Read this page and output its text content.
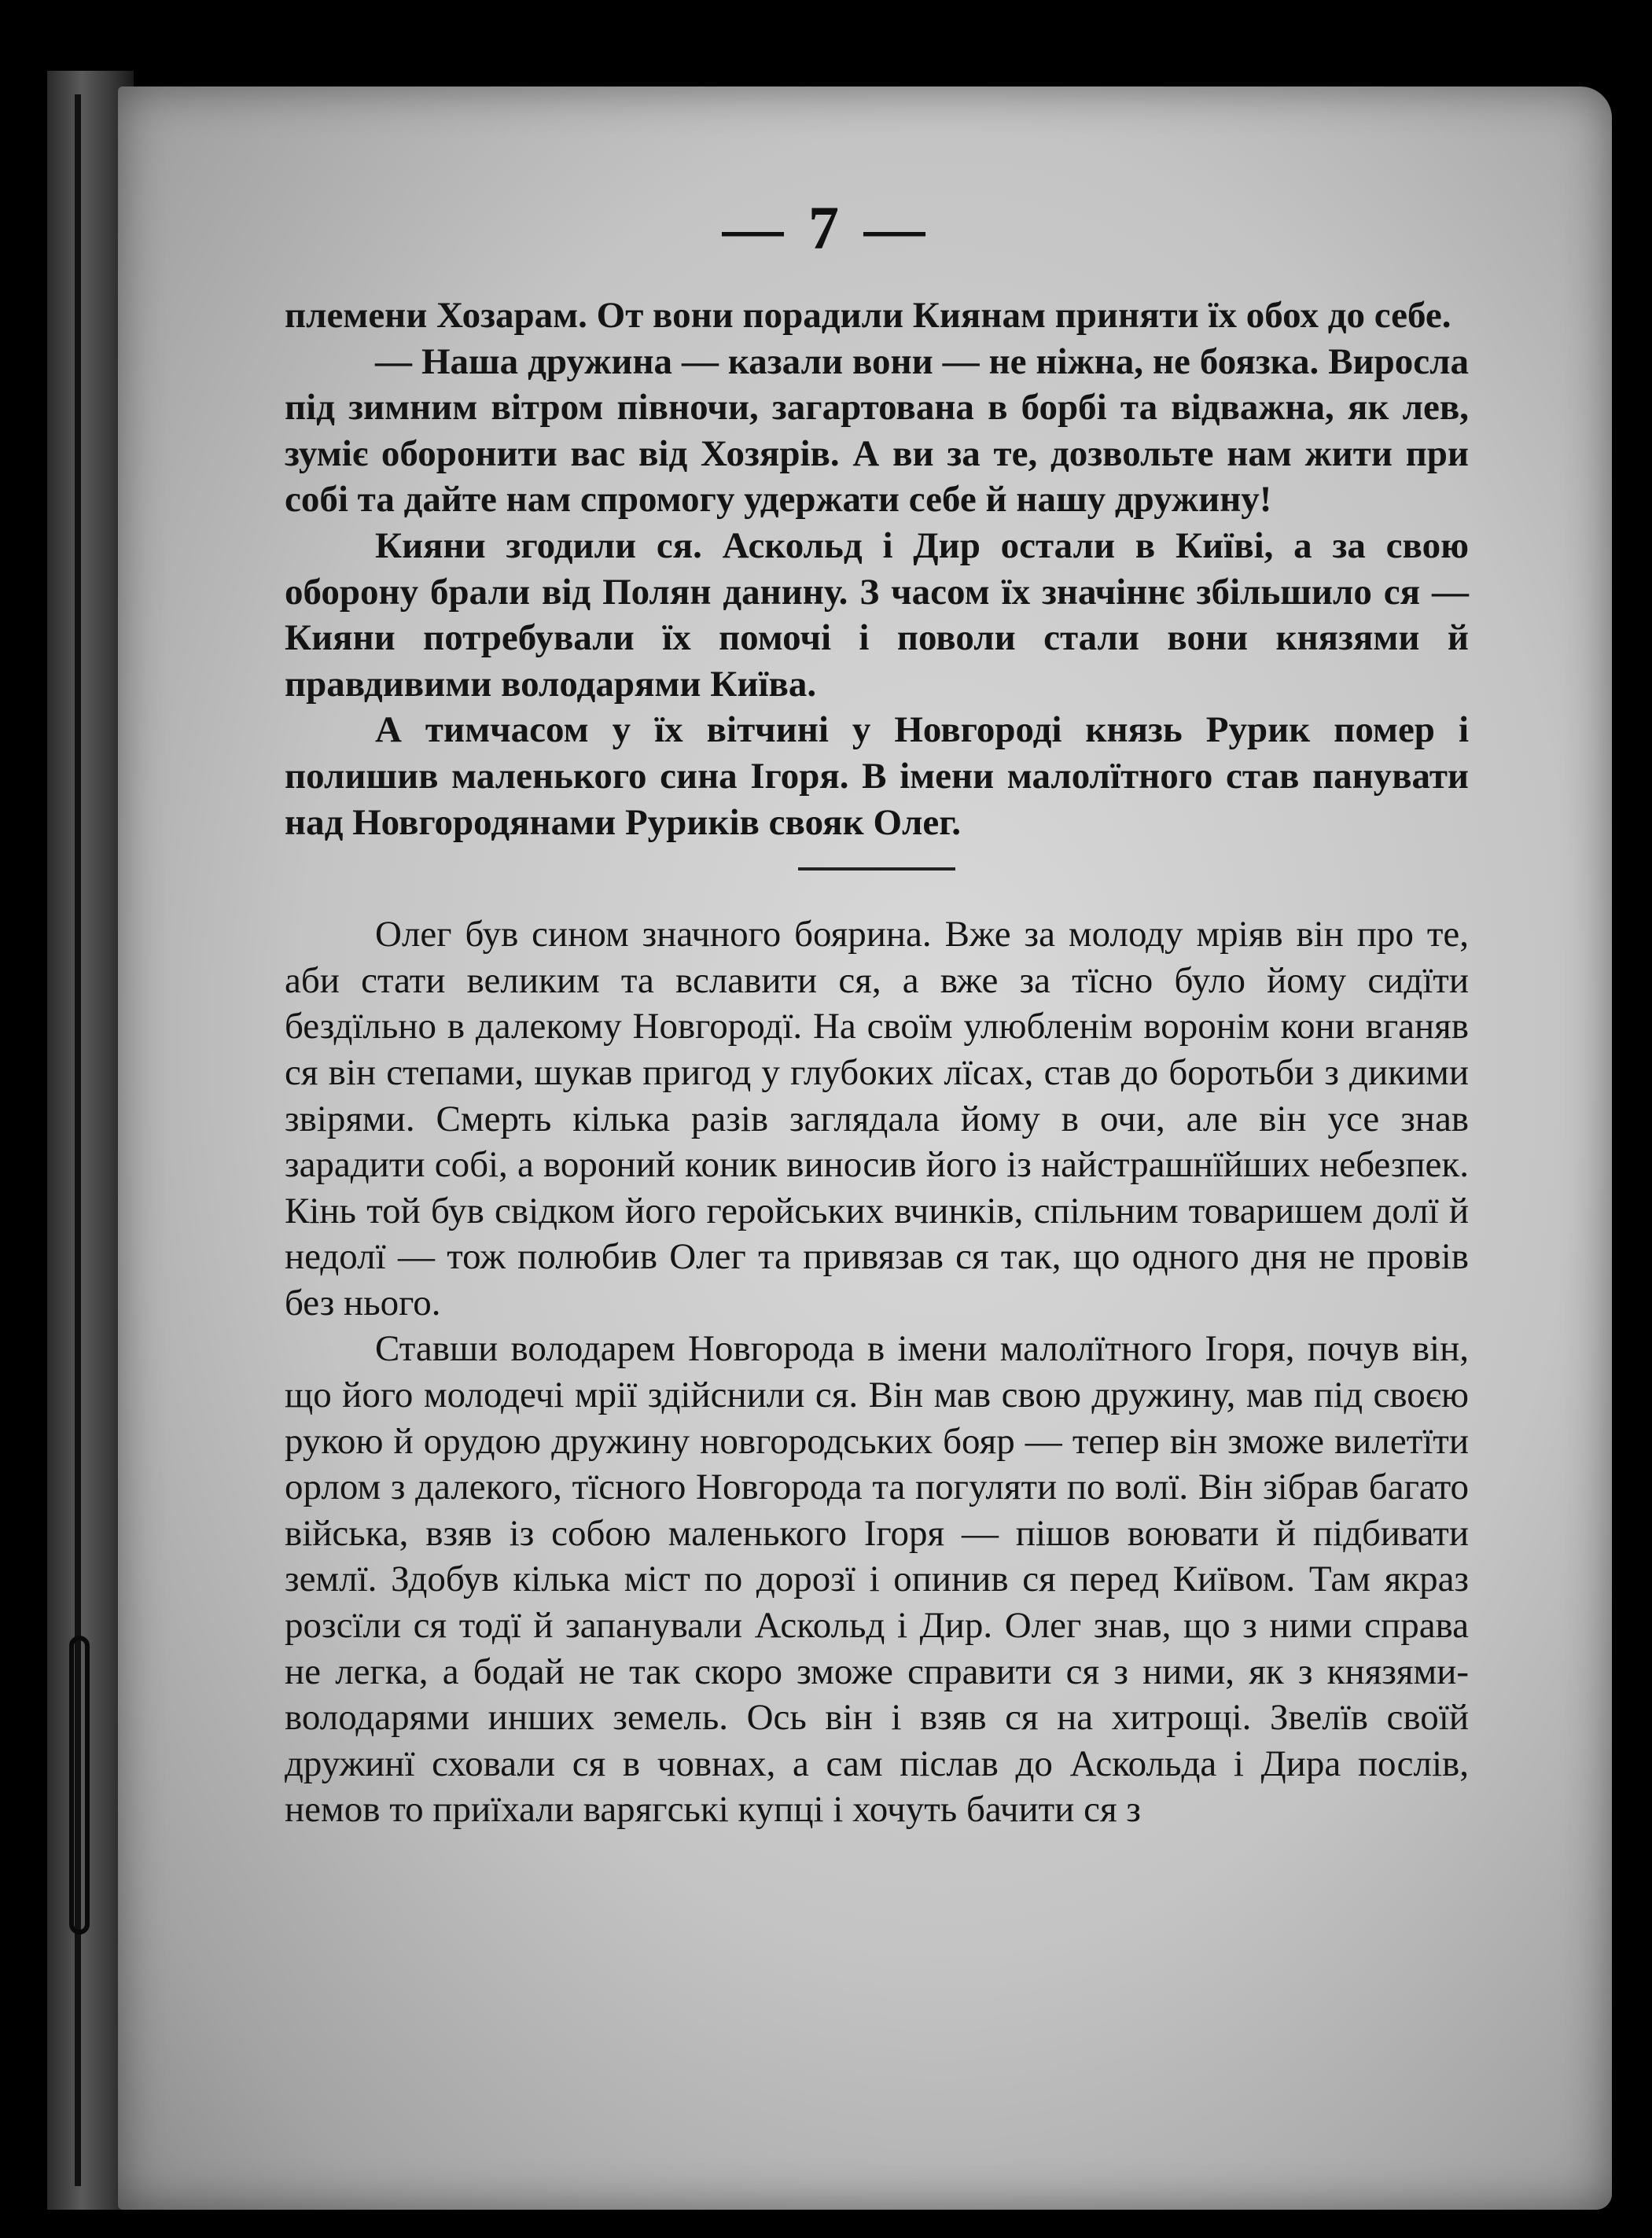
— 7 —

племени Хозарам. От вони порадили Киянам приняти їх обох до себе.

— Наша дружина — казали вони — не ніжна, не боязка. Виросла під зимним вітром півночи, загартована в борбі та відважна, як лев, зуміє оборонити вас від Хозярів. А ви за те, дозвольте нам жити при собі та дайте нам спромогу удержати себе й нашу дружину!

Кияни згодили ся. Аскольд і Дир остали в Київі, а за свою оборону брали від Полян данину. З часом їх значіннє збільшило ся — Кияни потребували їх помочі і поволи стали вони князями й правдивими володарями Київа.

А тимчасом у їх вітчині у Новгороді князь Рурик помер і полишив маленького сина Ігоря. В імени малолїтного став панувати над Новгородянами Руриків свояк Олег.

Олег був сином значного боярина. Вже за молоду мріяв він про те, аби стати великим та вславити ся, а вже за тїсно було йому сидїти бездїльно в далекому Новгородї. На своїм улюбленім воронім кони вганяв ся він степами, шукав пригод у глубоких лїсах, став до боротьби з дикими звірями. Смерть кілька разів заглядала йому в очи, але він усе знав зарадити собі, а вороний коник виносив його із найстрашнїйших небезпек. Кінь той був свідком його геройських вчинків, спільним товаришем долї й недолї — тож полюбив Олег та привязав ся так, що одного дня не провів без нього.

Ставши володарем Новгорода в імени малолїтного Ігоря, почув він, що його молодечі мрії здійснили ся. Він мав свою дружину, мав під своєю рукою й орудою дружину новгородських бояр — тепер він зможе вилетїти орлом з далекого, тїсного Новгорода та погуляти по волї. Він зібрав багато війська, взяв із собою маленького Ігоря — пішов воювати й підбивати землї. Здобув кілька міст по дорозї і опинив ся перед Київом. Там якраз розсїли ся тодї й запанували Аскольд і Дир. Олег знав, що з ними справа не легка, а бодай не так скоро зможе справити ся з ними, як з князями-володарями инших земель. Ось він і взяв ся на хитрощі. Звелїв своїй дружинї сховали ся в човнах, а сам післав до Аскольда і Дира послів, немов то приїхали варягські купці і хочуть бачити ся з
